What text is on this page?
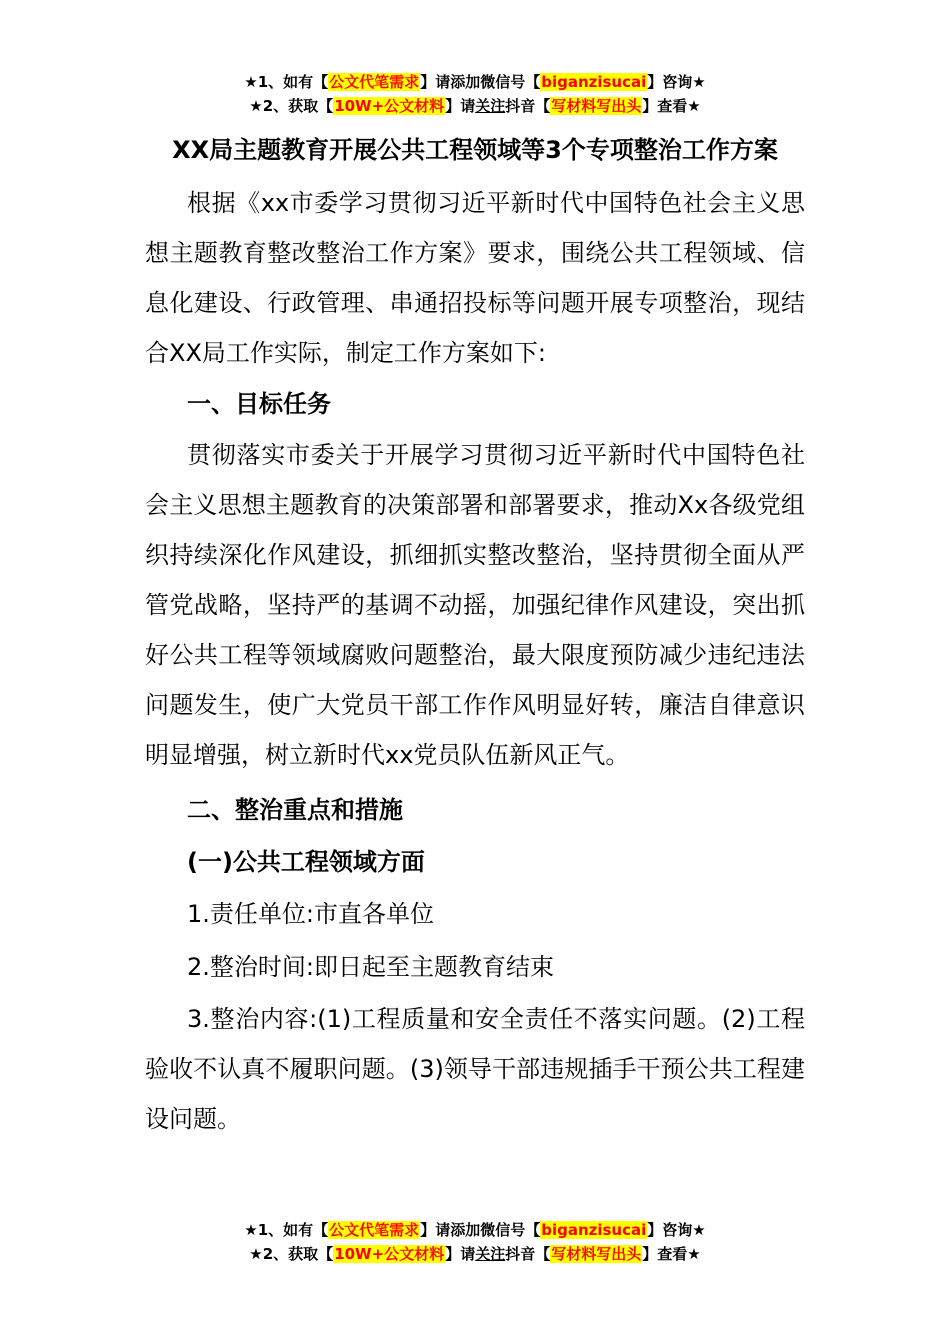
★1、如有【公文代笔需求】请添加微信号【biganzisucai】咨询★
★2、获取【10W+公文材料】请关注抖音【写材料写出头】查看★
XX局主题教育开展公共工程领域等3个专项整治工作方案

根据《xx市委学习贯彻习近平新时代中国特色社会主义思想主题教育整改整治工作方案》要求，围绕公共工程领域、信息化建设、行政管理、串通招投标等问题开展专项整治，现结合XX局工作实际，制定工作方案如下:

一、目标任务

贯彻落实市委关于开展学习贯彻习近平新时代中国特色社会主义思想主题教育的决策部署和部署要求，推动Xx各级党组织持续深化作风建设，抓细抓实整改整治，坚持贯彻全面从严管党战略，坚持严的基调不动摇，加强纪律作风建设，突出抓好公共工程等领域腐败问题整治，最大限度预防减少违纪违法问题发生，使广大党员干部工作作风明显好转，廉洁自律意识明显增强，树立新时代xx党员队伍新风正气。

二、整治重点和措施

(一)公共工程领域方面

1.责任单位:市直各单位

2.整治时间:即日起至主题教育结束

3.整治内容:(1)工程质量和安全责任不落实问题。(2)工程验收不认真不履职问题。(3)领导干部违规插手干预公共工程建设问题。

★1、如有【公文代笔需求】请添加微信号【biganzisucai】咨询★
★2、获取【10W+公文材料】请关注抖音【写材料写出头】查看★
